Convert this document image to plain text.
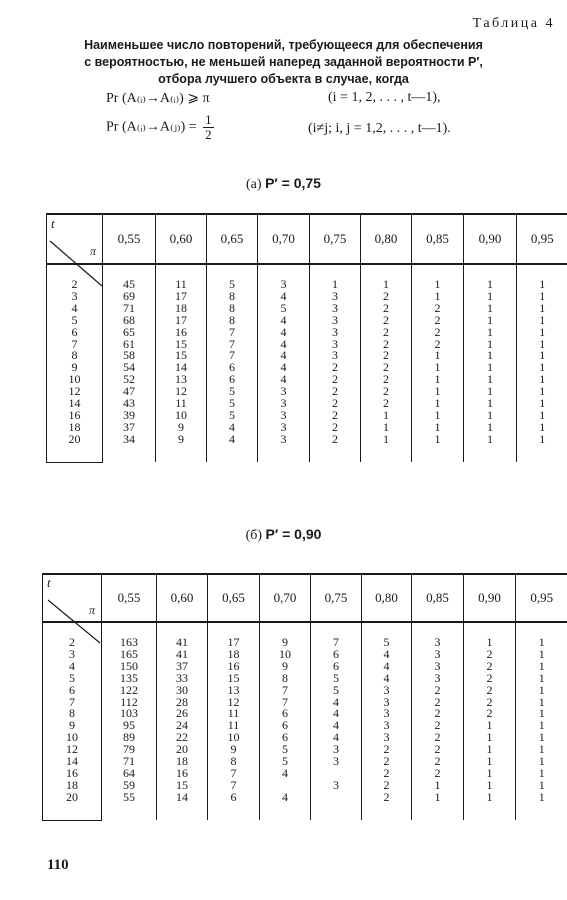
Таблица 4
Наименьшее число повторений, требующееся для обеспечения
с вероятностью, не меньшей наперед заданной вероятности P′,
отбора лучшего объекта в случае, когда
Pr (A₍ᵢ₎→A₍ᵢ₎) ⩾ π	(i = 1, 2, . . . , t—1),
Pr (A₍ᵢ₎→A₍ⱼ₎) = $\frac{1}{2}$	(i≠j; i, j = 1,2, . . . , t—1).
(а) P′ = 0,75
π
t	0,55	0,60	0,65	0,70	0,75	0,80	0,85	0,90	0,95

2	45	11	5	3	1	1	1	1	1
3	69	17	8	4	3	2	1	1	1
4	71	18	8	5	3	2	2	1	1
5	68	17	8	4	3	2	2	1	1
6	65	16	7	4	3	2	2	1	1
7	61	15	7	4	3	2	2	1	1
8	58	15	7	4	3	2	1	1	1
9	54	14	6	4	2	2	1	1	1
10	52	13	6	4	2	2	1	1	1
12	47	12	5	3	2	2	1	1	1
14	43	11	5	3	2	2	1	1	1
16	39	10	5	3	2	1	1	1	1
18	37	9	4	3	2	1	1	1	1
20	34	9	4	3	2	1	1	1	1

(б) P′ = 0,90
π
t	0,55	0,60	0,65	0,70	0,75	0,80	0,85	0,90	0,95

2	163	41	17	9	7	5	3	1	1
3	165	41	18	10	6	4	3	2	1
4	150	37	16	9	6	4	3	2	1
5	135	33	15	8	5	4	3	2	1
6	122	30	13	7	5	3	2	2	1
7	112	28	12	7	4	3	2	2	1
8	103	26	11	6	4	3	2	2	1
9	95	24	11	6	4	3	2	1	1
10	89	22	10	6	4	3	2	1	1
12	79	20	9	5	3	2	2	1	1
14	71	18	8	5	3	2	2	1	1
16	64	16	7	4		2	2	1	1
18	59	15	7		3	2	1	1	1
20	55	14	6	4		2	1	1	1

110
